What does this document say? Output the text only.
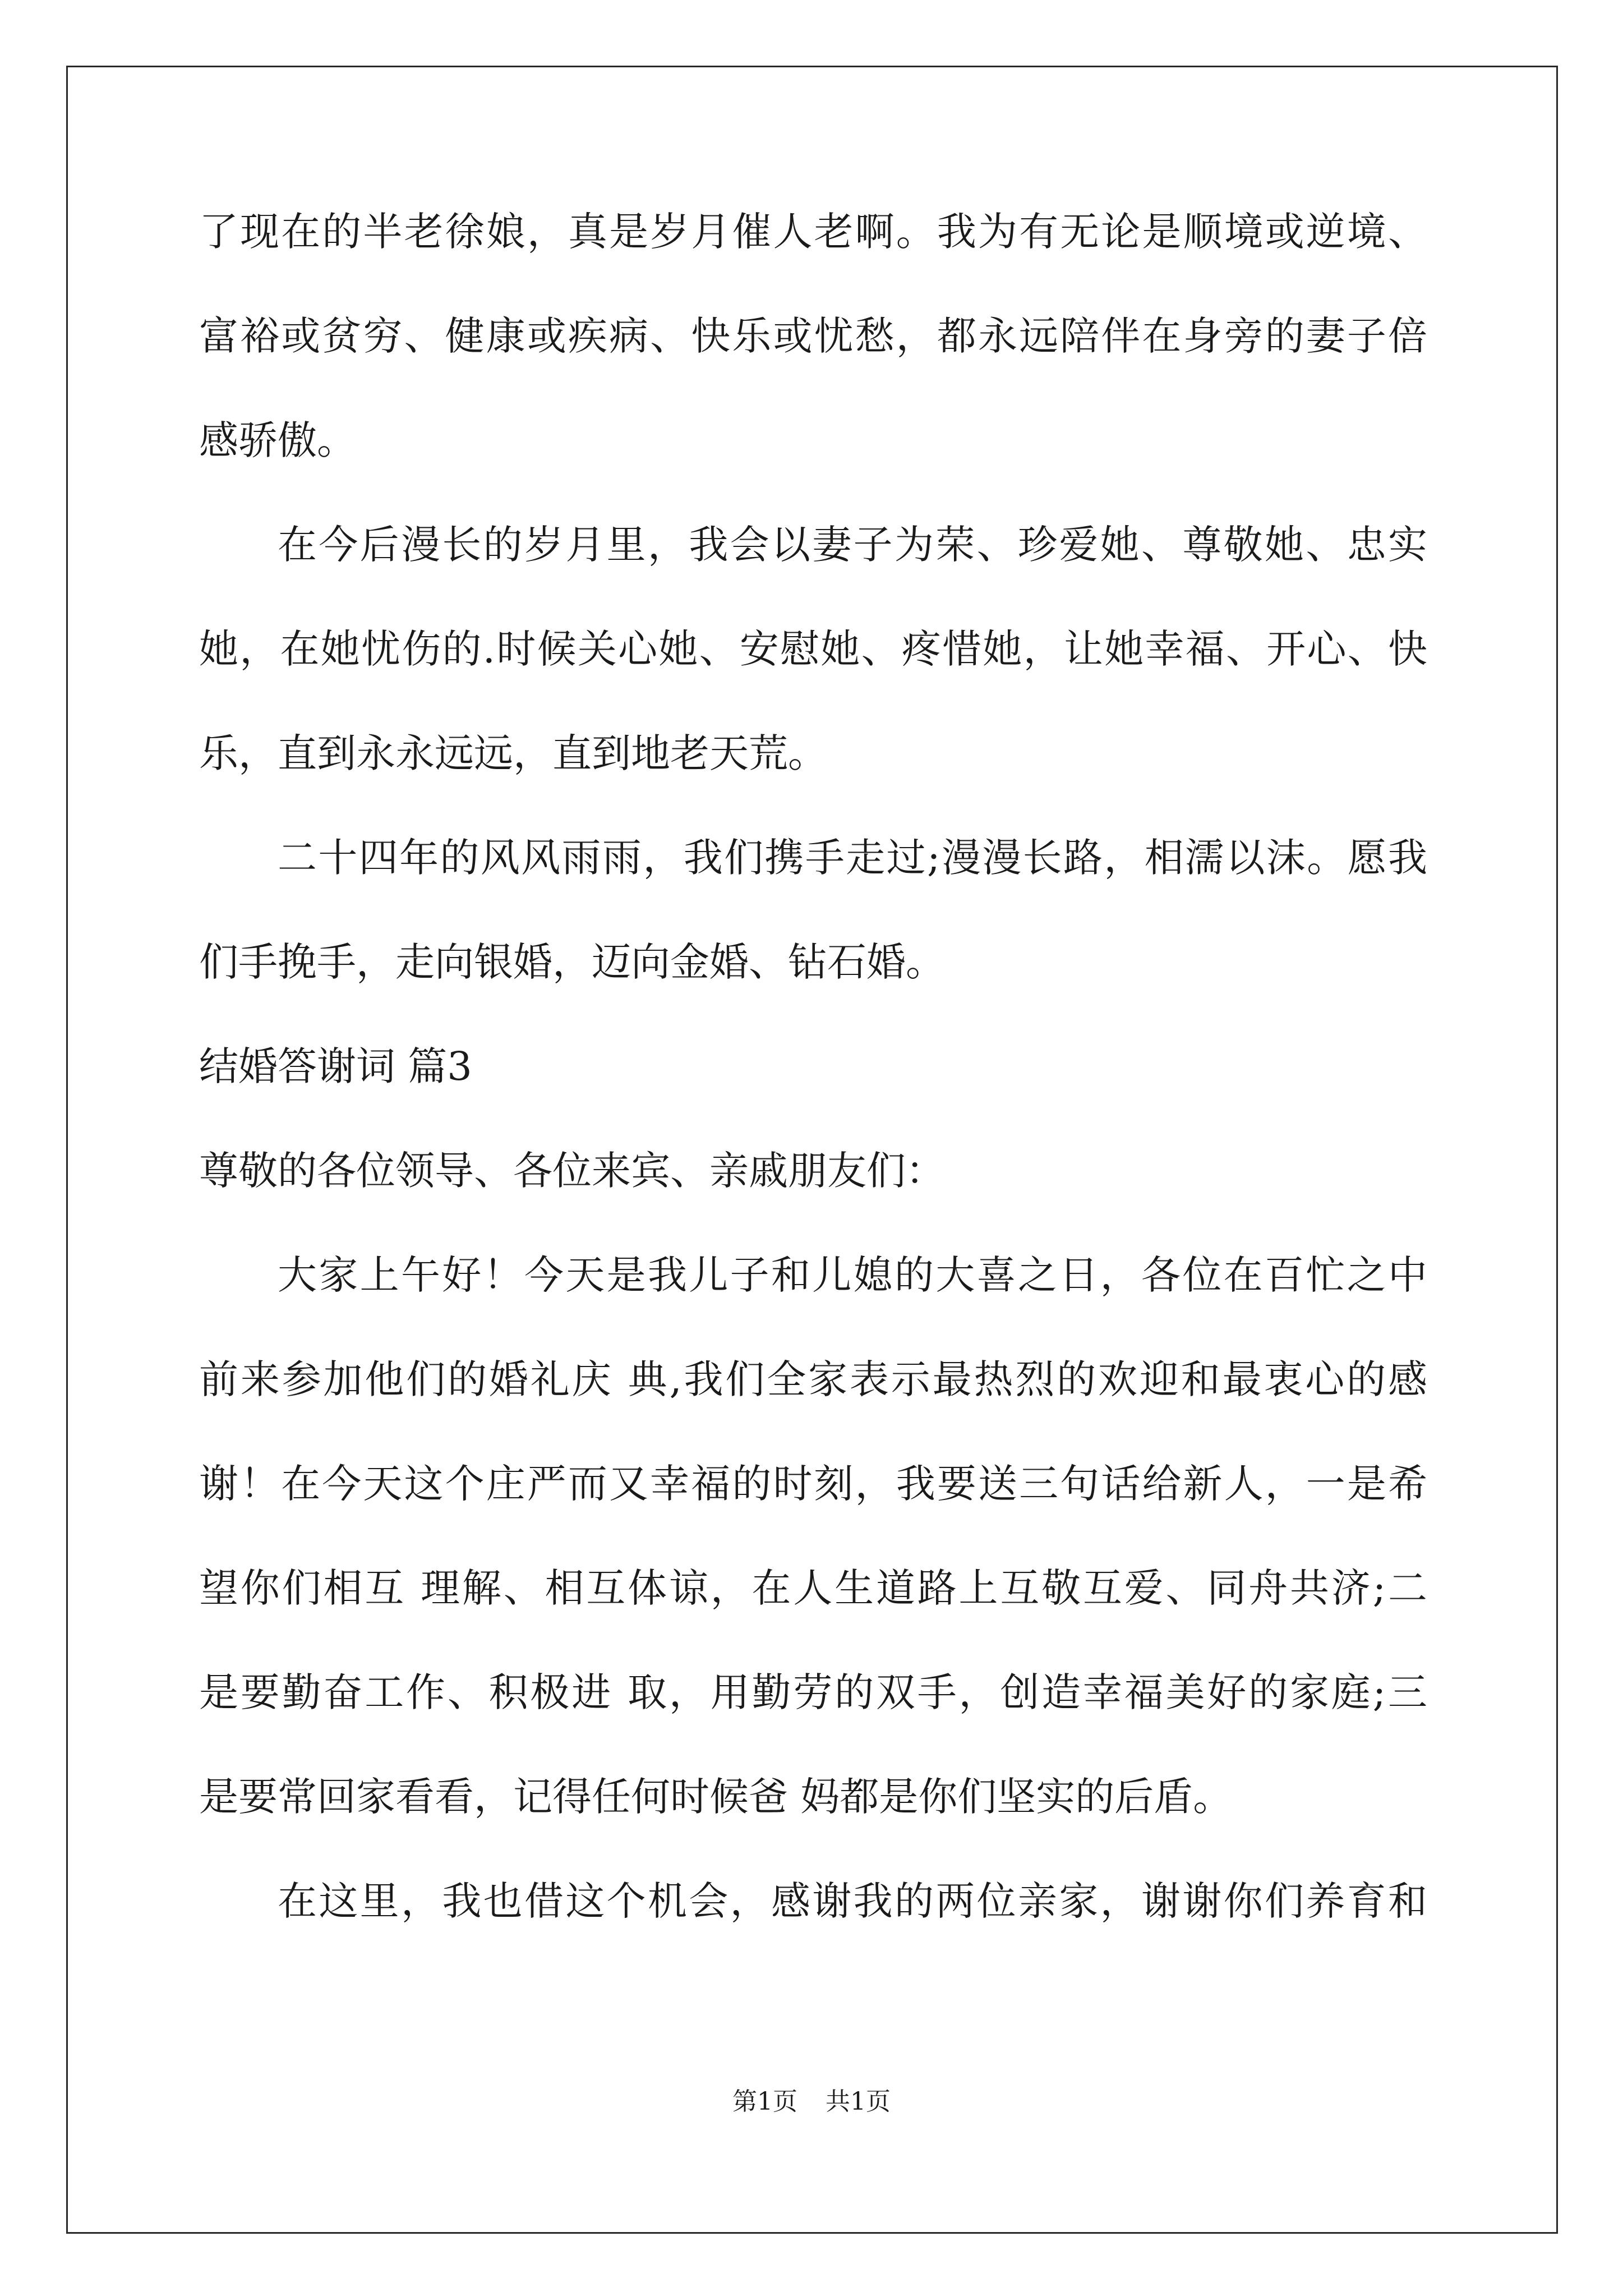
了现在的半老徐娘，真是岁月催人老啊。我为有无论是顺境或逆境、
富裕或贫穷、健康或疾病、快乐或忧愁，都永远陪伴在身旁的妻子倍
感骄傲。
在今后漫长的岁月里，我会以妻子为荣、珍爱她、尊敬她、忠实
她，在她忧伤的.时候关心她、安慰她、疼惜她，让她幸福、开心、快
乐，直到永永远远，直到地老天荒。
二十四年的风风雨雨，我们携手走过;漫漫长路，相濡以沫。愿我
们手挽手，走向银婚，迈向金婚、钻石婚。
结婚答谢词 篇3
尊敬的各位领导、各位来宾、亲戚朋友们：
大家上午好！今天是我儿子和儿媳的大喜之日，各位在百忙之中
前来参加他们的婚礼庆 典,我们全家表示最热烈的欢迎和最衷心的感
谢！在今天这个庄严而又幸福的时刻，我要送三句话给新人，一是希
望你们相互 理解、相互体谅，在人生道路上互敬互爱、同舟共济;二
是要勤奋工作、积极进 取，用勤劳的双手，创造幸福美好的家庭;三
是要常回家看看，记得任何时候爸 妈都是你们坚实的后盾。
在这里，我也借这个机会，感谢我的两位亲家，谢谢你们养育和
第1页 共1页
